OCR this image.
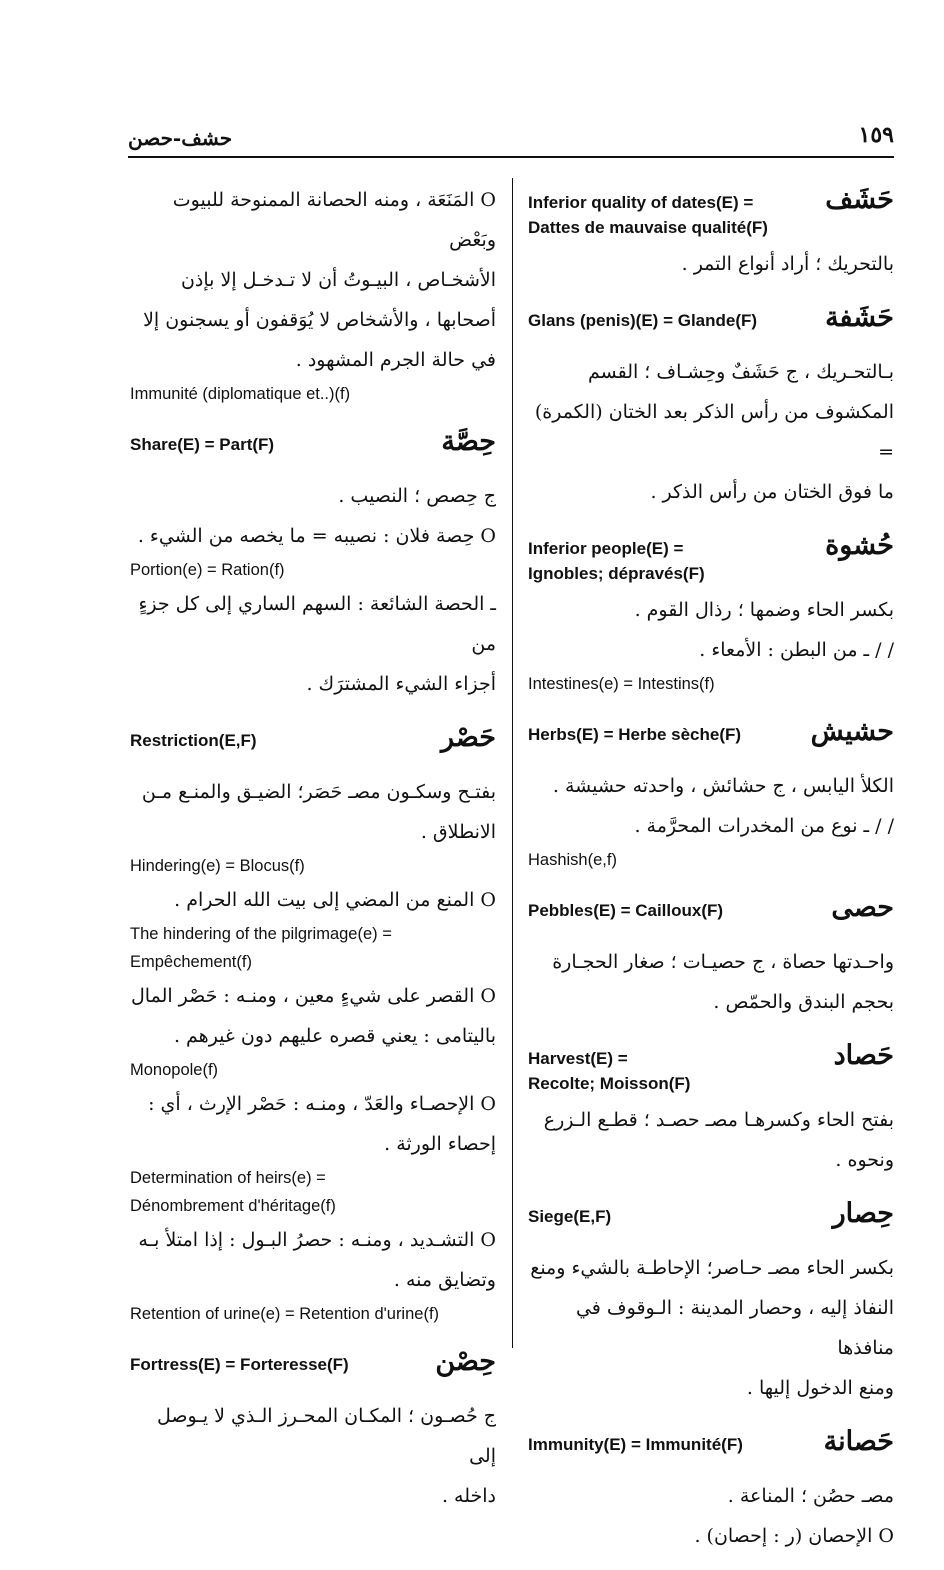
حشف-حصن	١٥٩
Inferior quality of dates(E) =
Dattes de mauvaise qualité(F)
حَشَف

بالتحريك ؛ أراد أنواع التمر .

Glans (penis)(E) = Glande(F)	حَشَفة

بـالتحـريك ، ج حَشَفٌ وحِشـاف ؛ القسم

المكشوف من رأس الذكر بعد الختان (الكمرة) =

ما فوق الختان من رأس الذكر .

Inferior people(E) =
Ignobles; dépravés(F)
حُشوة

بكسر الحاء وضمها ؛ رذال القوم .

/ / ـ من البطن : الأمعاء .

Intestines(e) = Intestins(f)

Herbs(E) = Herbe sèche(F)	حشيش

الكلأ اليابس ، ج حشائش ، واحدته حشيشة .

/ / ـ نوع من المخدرات المحرَّمة .

Hashish(e,f)

Pebbles(E) = Cailloux(F)	حصى

واحـدتها حصاة ، ج حصيـات ؛ صغار الحجـارة

بحجم البندق والحمّص .

Harvest(E) =
Recolte; Moisson(F)
حَصاد

بفتح الحاء وكسرهـا مصـ حصـد ؛ قطـع الـزرع

ونحوه .

Siege(E,F)	حِصار

بكسر الحاء مصـ حـاصر؛ الإحاطـة بالشيء ومنع

النفاذ إليه ، وحصار المدينة : الـوقوف في منافذها

ومنع الدخول إليها .

Immunity(E) = Immunité(F)	حَصانة

مصـ حصُن ؛ المناعة .

O الإحصان (ر : إحصان) .

O المَنَعَة ، ومنه الحصانة الممنوحة للبيوت وبَعْض

الأشخـاص ، البيـوتُ أن لا تـدخـل إلا بإذن

أصحابها ، والأشخاص لا يُوَقفون أو يسجنون إلا

في حالة الجرم المشهود .

Immunité (diplomatique et..)(f)

Share(E) = Part(F)	حِصَّة

ج حِصص ؛ النصيب .

O حِصة فلان : نصيبه = ما يخصه من الشيء .

Portion(e) = Ration(f)

ـ الحصة الشائعة : السهم الساري إلى كل جزءٍ من

أجزاء الشيء المشترَك .

Restriction(E,F)	حَصْر

بفتـح وسكـون مصـ حَصَر؛ الضيـق والمنـع مـن

الانطلاق .

Hindering(e) = Blocus(f)

O المنع من المضي إلى بيت الله الحرام .

The hindering of the pilgrimage(e) =

Empêchement(f)

O القصر على شيءٍ معين ، ومنـه : حَصْر المال

باليتامى : يعني قصره عليهم دون غيرهم .

Monopole(f)

O الإحصـاء والعَدّ ، ومنـه : حَصْر الإرث ، أي :

إحصاء الورثة .

Determination of heirs(e) =

Dénombrement d'héritage(f)

O التشـديد ، ومنـه : حصرُ البـول : إذا امتلأ بـه

وتضايق منه .

Retention of urine(e) = Retention d'urine(f)

Fortress(E) = Forteresse(F)	حِصْن

ج حُصـون ؛ المكـان المحـرز الـذي لا يـوصل إلى

داخله .
